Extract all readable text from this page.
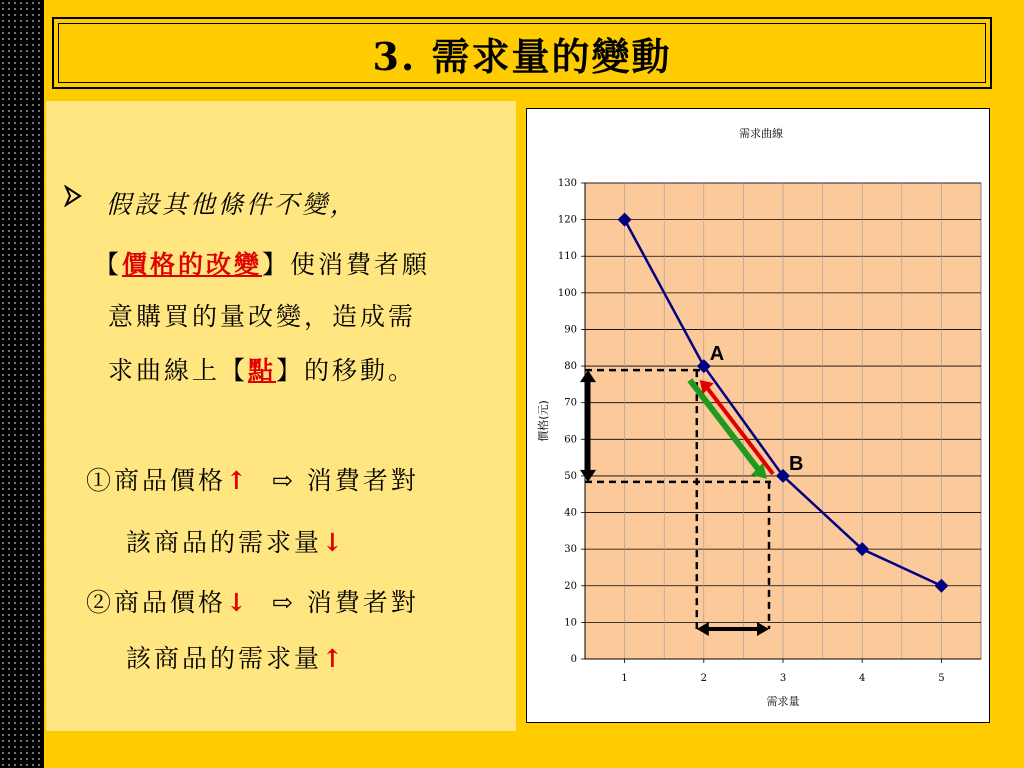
3. 需求量的變動
假設其他條件不變，
【價格的改變】使消費者願
意購買的量改變，造成需
求曲線上【點】的移動。
①商品價格↑ ⇨ 消費者對
該商品的需求量↓
②商品價格↓ ⇨ 消費者對
該商品的需求量↑
需求曲線
0
10
20
30
40
50
60
70
80
90
100
110
120
130
1	2	3	4	5
價格(元)
需求量
A
B
